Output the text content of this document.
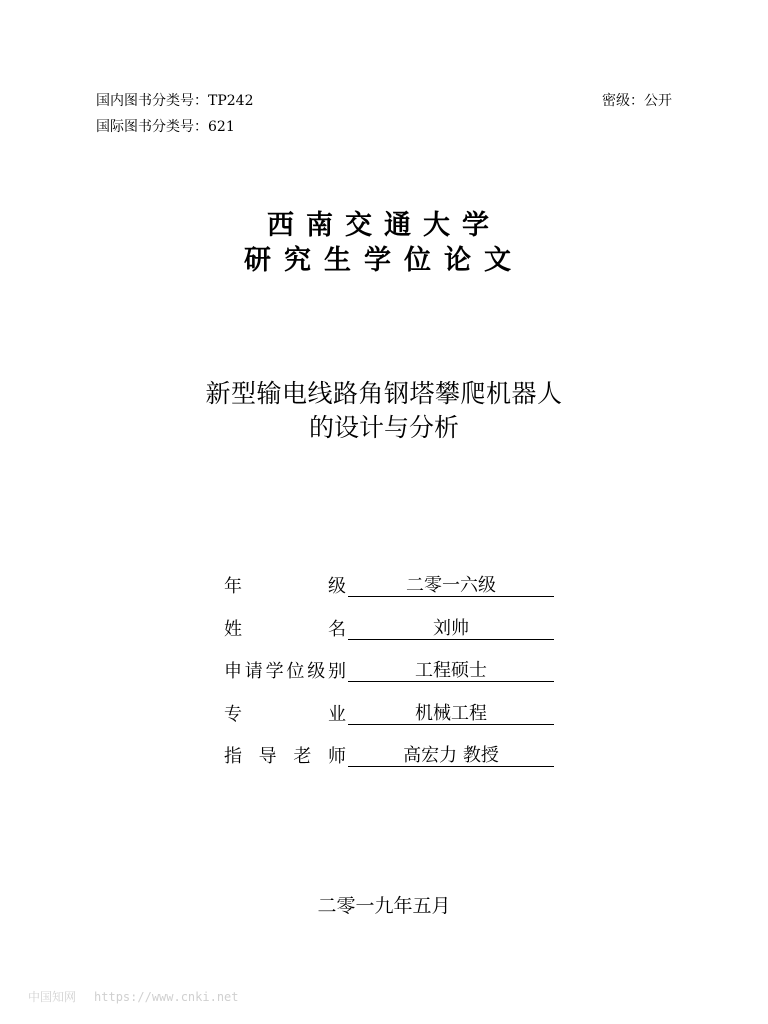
国内图书分类号：TP242
国际图书分类号：621
密级：公开
西南交通大学
研究生学位论文
新型输电线路角钢塔攀爬机器人
的设计与分析
年	级	二零一六级
姓	名	刘帅
申 请 学 位 级 别	工程硕士
专	业	机械工程
指 导 老 师	高宏力 教授
二零一九年五月
中国知网 https://www.cnki.net
